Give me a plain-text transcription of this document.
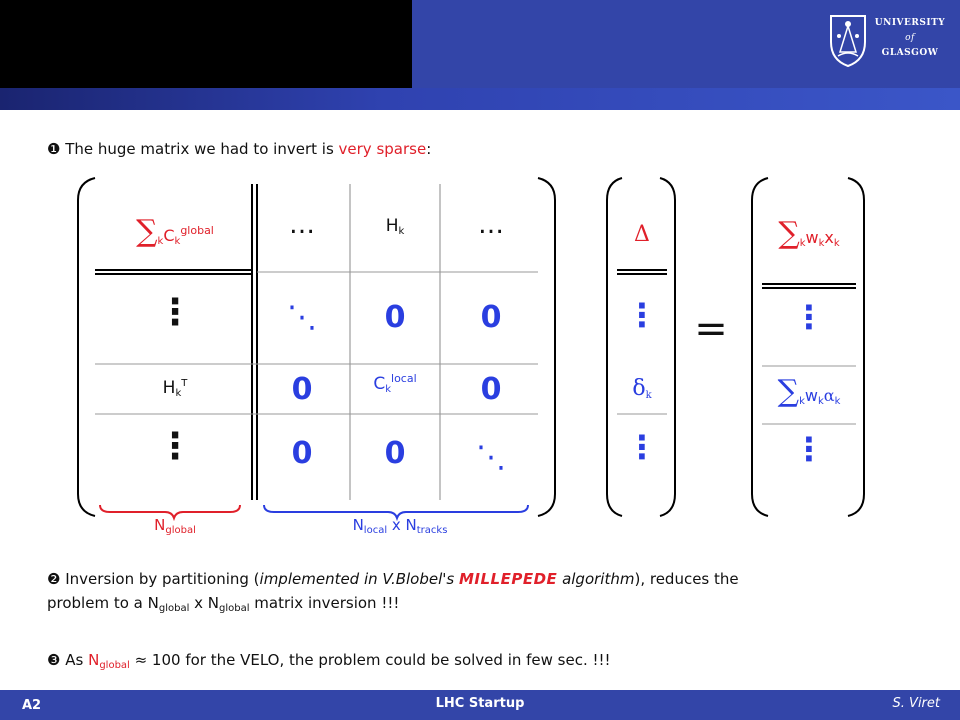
UNIVERSITY
of
GLASGOW
❶ The huge matrix we had to invert is very sparse:
$\sum_kC_k^{global}$	…	$H_k$	…
⋮	⋱	0	0
$H_k^T$	0	$C_k^{local}$	0
⋮	0	0	⋱
$N_{global}$	$N_{local}$ x $N_{tracks}$
Δ
⋮
$\delta_k$
⋮
=
$\sum_kw_kx_k$
⋮
$\sum_kw_k\alpha_k$
⋮
❷ Inversion by partitioning (implemented in V.Blobel's MILLEPEDE algorithm), reduces the
problem to a $N_{global}$ x $N_{global}$ matrix inversion !!!
❸ As $N_{global} \approx 100$ for the VELO, the problem could be solved in few sec. !!!
A2	LHC Startup	S. Viret
